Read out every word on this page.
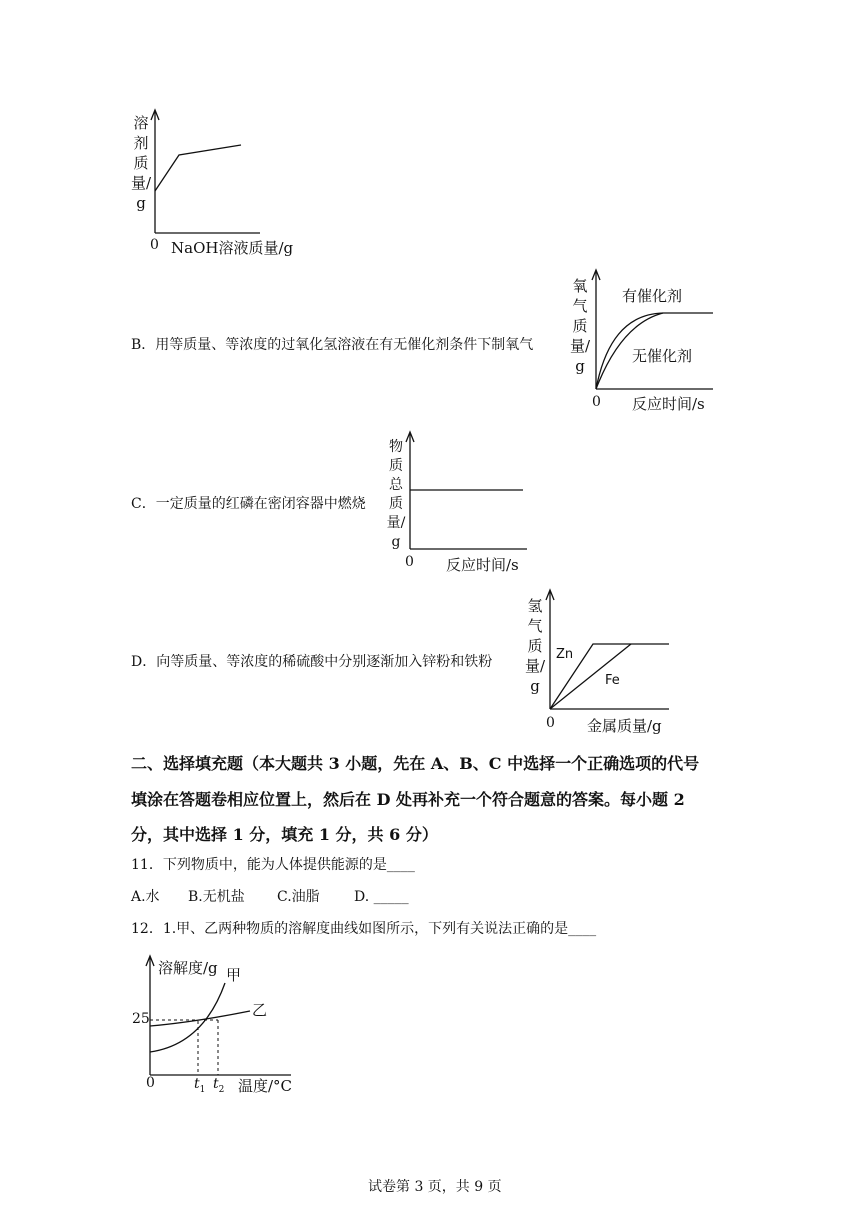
溶剂质量/g
0 NaOH溶液质量/g
B．用等质量、等浓度的过氧化氢溶液在有无催化剂条件下制氧气
氧气质量/g
有催化剂
无催化剂
0 反应时间/s
C．一定质量的红磷在密闭容器中燃烧
物质总质量/g
0 反应时间/s
D．向等质量、等浓度的稀硫酸中分别逐渐加入锌粉和铁粉
氢气质量/g
Zn
Fe
0 金属质量/g
二、选择填充题（本大题共 3 小题，先在 A、B、C 中选择一个正确选项的代号
填涂在答题卷相应位置上，然后在 D 处再补充一个符合题意的答案。每小题 2
分，其中选择 1 分，填充 1 分，共 6 分）
11．下列物质中，能为人体提供能源的是____
A.水 B.无机盐 C.油脂 D. _____
12．1.甲、乙两种物质的溶解度曲线如图所示，下列有关说法正确的是____
溶解度/g 甲
乙
25
0	$t_1$ $t_2$ 温度/°C
试卷第 3 页，共 9 页
